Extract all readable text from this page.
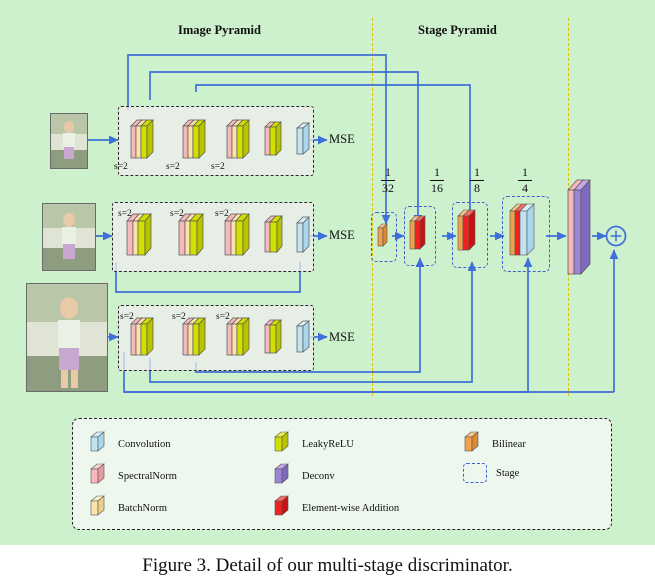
Image Pyramid	Stage Pyramid
s=2	s=2	s=2
MSE
s=2	s=2	s=2
MSE
s=2	s=2	s=2
MSE
1
32
1
16
1
8
1
4
Convolution
SpectralNorm
BatchNorm
LeakyReLU
Deconv
Element-wise Addition
Bilinear
Stage
Figure 3. Detail of our multi-stage discriminator.
